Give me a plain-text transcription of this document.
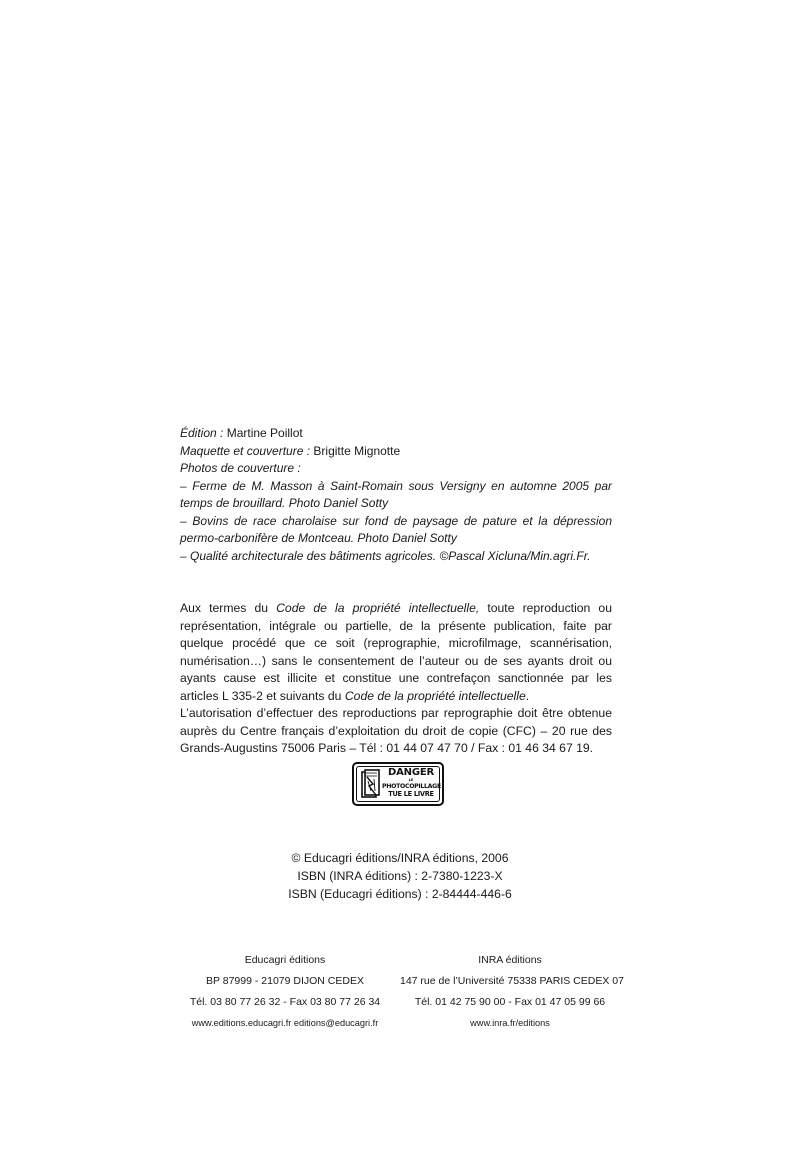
Édition : Martine Poillot
Maquette et couverture : Brigitte Mignotte
Photos de couverture :
– Ferme de M. Masson à Saint-Romain sous Versigny en automne 2005 par temps de brouillard. Photo Daniel Sotty
– Bovins de race charolaise sur fond de paysage de pature et la dépression permo-carbonifère de Montceau. Photo Daniel Sotty
– Qualité architecturale des bâtiments agricoles. ©Pascal Xicluna/Min.agri.Fr.

Aux termes du Code de la propriété intellectuelle, toute reproduction ou représentation, intégrale ou partielle, de la présente publication, faite par quelque procédé que ce soit (reprographie, microfilmage, scannérisation, numérisation…) sans le consentement de l’auteur ou de ses ayants droit ou ayants cause est illicite et constitue une contrefaçon sanctionnée par les articles L 335-2 et suivants du Code de la propriété intellectuelle.

L’autorisation d’effectuer des reproductions par reprographie doit être obtenue auprès du Centre français d’exploitation du droit de copie (CFC) – 20 rue des Grands-Augustins 75006 Paris – Tél : 01 44 07 47 70 / Fax : 01 46 34 67 19.

DANGER
LE
PHOTOCOPILLAGE
TUE LE LIVRE
© Educagri éditions/INRA éditions, 2006
ISBN (INRA éditions) : 2-7380-1223-X
ISBN (Educagri éditions) : 2-84444-446-6
Educagri éditions
BP 87999 - 21079 DIJON CEDEX
Tél. 03 80 77 26 32 - Fax 03 80 77 26 34
www.editions.educagri.fr editions@educagri.fr
INRA éditions
147 rue de l’Université 75338 PARIS CEDEX 07
Tél. 01 42 75 90 00 - Fax 01 47 05 99 66
www.inra.fr/editions
